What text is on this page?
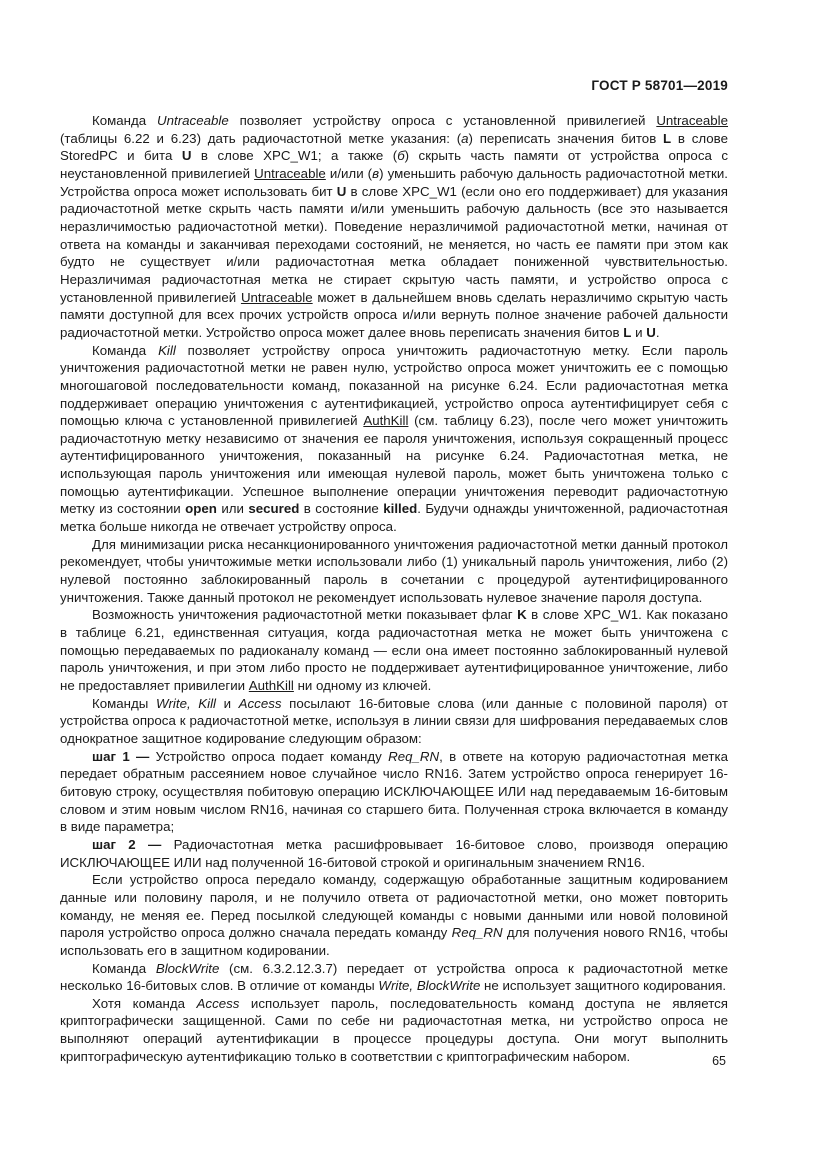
ГОСТ Р 58701—2019

Команда Untraceable позволяет устройству опроса с установленной привилегией Untraceable (таблицы 6.22 и 6.23) дать радиочастотной метке указания: (а) переписать значения битов L в слове StoredPC и бита U в слове XPC_W1; а также (б) скрыть часть памяти от устройства опроса с неустановленной привилегией Untraceable и/или (в) уменьшить рабочую дальность радиочастотной метки. Устройства опроса может использовать бит U в слове XPC_W1 (если оно его поддерживает) для указания радиочастотной метке скрыть часть памяти и/или уменьшить рабочую дальность (все это называется неразличимостью радиочастотной метки). Поведение неразличимой радиочастотной метки, начиная от ответа на команды и заканчивая переходами состояний, не меняется, но часть ее памяти при этом как будто не существует и/или радиочастотная метка обладает пониженной чувствительностью. Неразличимая радиочастотная метка не стирает скрытую часть памяти, и устройство опроса с установленной привилегией Untraceable может в дальнейшем вновь сделать неразличимо скрытую часть памяти доступной для всех прочих устройств опроса и/или вернуть полное значение рабочей дальности радиочастотной метки. Устройство опроса может далее вновь переписать значения битов L и U.

Команда Kill позволяет устройству опроса уничтожить радиочастотную метку. Если пароль уничтожения радиочастотной метки не равен нулю, устройство опроса может уничтожить ее с помощью многошаговой последовательности команд, показанной на рисунке 6.24. Если радиочастотная метка поддерживает операцию уничтожения с аутентификацией, устройство опроса аутентифицирует себя с помощью ключа с установленной привилегией AuthKill (см. таблицу 6.23), после чего может уничтожить радиочастотную метку независимо от значения ее пароля уничтожения, используя сокращенный процесс аутентифицированного уничтожения, показанный на рисунке 6.24. Радиочастотная метка, не использующая пароль уничтожения или имеющая нулевой пароль, может быть уничтожена только с помощью аутентификации. Успешное выполнение операции уничтожения переводит радиочастотную метку из состоянии open или secured в состояние killed. Будучи однажды уничтоженной, радиочастотная метка больше никогда не отвечает устройству опроса.

Для минимизации риска несанкционированного уничтожения радиочастотной метки данный протокол рекомендует, чтобы уничтожимые метки использовали либо (1) уникальный пароль уничтожения, либо (2) нулевой постоянно заблокированный пароль в сочетании с процедурой аутентифицированного уничтожения. Также данный протокол не рекомендует использовать нулевое значение пароля доступа.

Возможность уничтожения радиочастотной метки показывает флаг K в слове XPC_W1. Как показано в таблице 6.21, единственная ситуация, когда радиочастотная метка не может быть уничтожена с помощью передаваемых по радиоканалу команд — если она имеет постоянно заблокированный нулевой пароль уничтожения, и при этом либо просто не поддерживает аутентифицированное уничтожение, либо не предоставляет привилегии AuthKill ни одному из ключей.

Команды Write, Kill и Access посылают 16-битовые слова (или данные с половиной пароля) от устройства опроса к радиочастотной метке, используя в линии связи для шифрования передаваемых слов однократное защитное кодирование следующим образом:

шаг 1 — Устройство опроса подает команду Req_RN, в ответе на которую радиочастотная метка передает обратным рассеянием новое случайное число RN16. Затем устройство опроса генерирует 16-битовую строку, осуществляя побитовую операцию ИСКЛЮЧАЮЩЕЕ ИЛИ над передаваемым 16-битовым словом и этим новым числом RN16, начиная со старшего бита. Полученная строка включается в команду в виде параметра;

шаг 2 — Радиочастотная метка расшифровывает 16-битовое слово, производя операцию ИСКЛЮЧАЮЩЕЕ ИЛИ над полученной 16-битовой строкой и оригинальным значением RN16.

Если устройство опроса передало команду, содержащую обработанные защитным кодированием данные или половину пароля, и не получило ответа от радиочастотной метки, оно может повторить команду, не меняя ее. Перед посылкой следующей команды с новыми данными или новой половиной пароля устройство опроса должно сначала передать команду Req_RN для получения нового RN16, чтобы использовать его в защитном кодировании.

Команда BlockWrite (см. 6.3.2.12.3.7) передает от устройства опроса к радиочастотной метке несколько 16-битовых слов. В отличие от команды Write, BlockWrite не использует защитного кодирования.

Хотя команда Access использует пароль, последовательность команд доступа не является криптографически защищенной. Сами по себе ни радиочастотная метка, ни устройство опроса не выполняют операций аутентификации в процессе процедуры доступа. Они могут выполнить криптографическую аутентификацию только в соответствии с криптографическим набором.	65
